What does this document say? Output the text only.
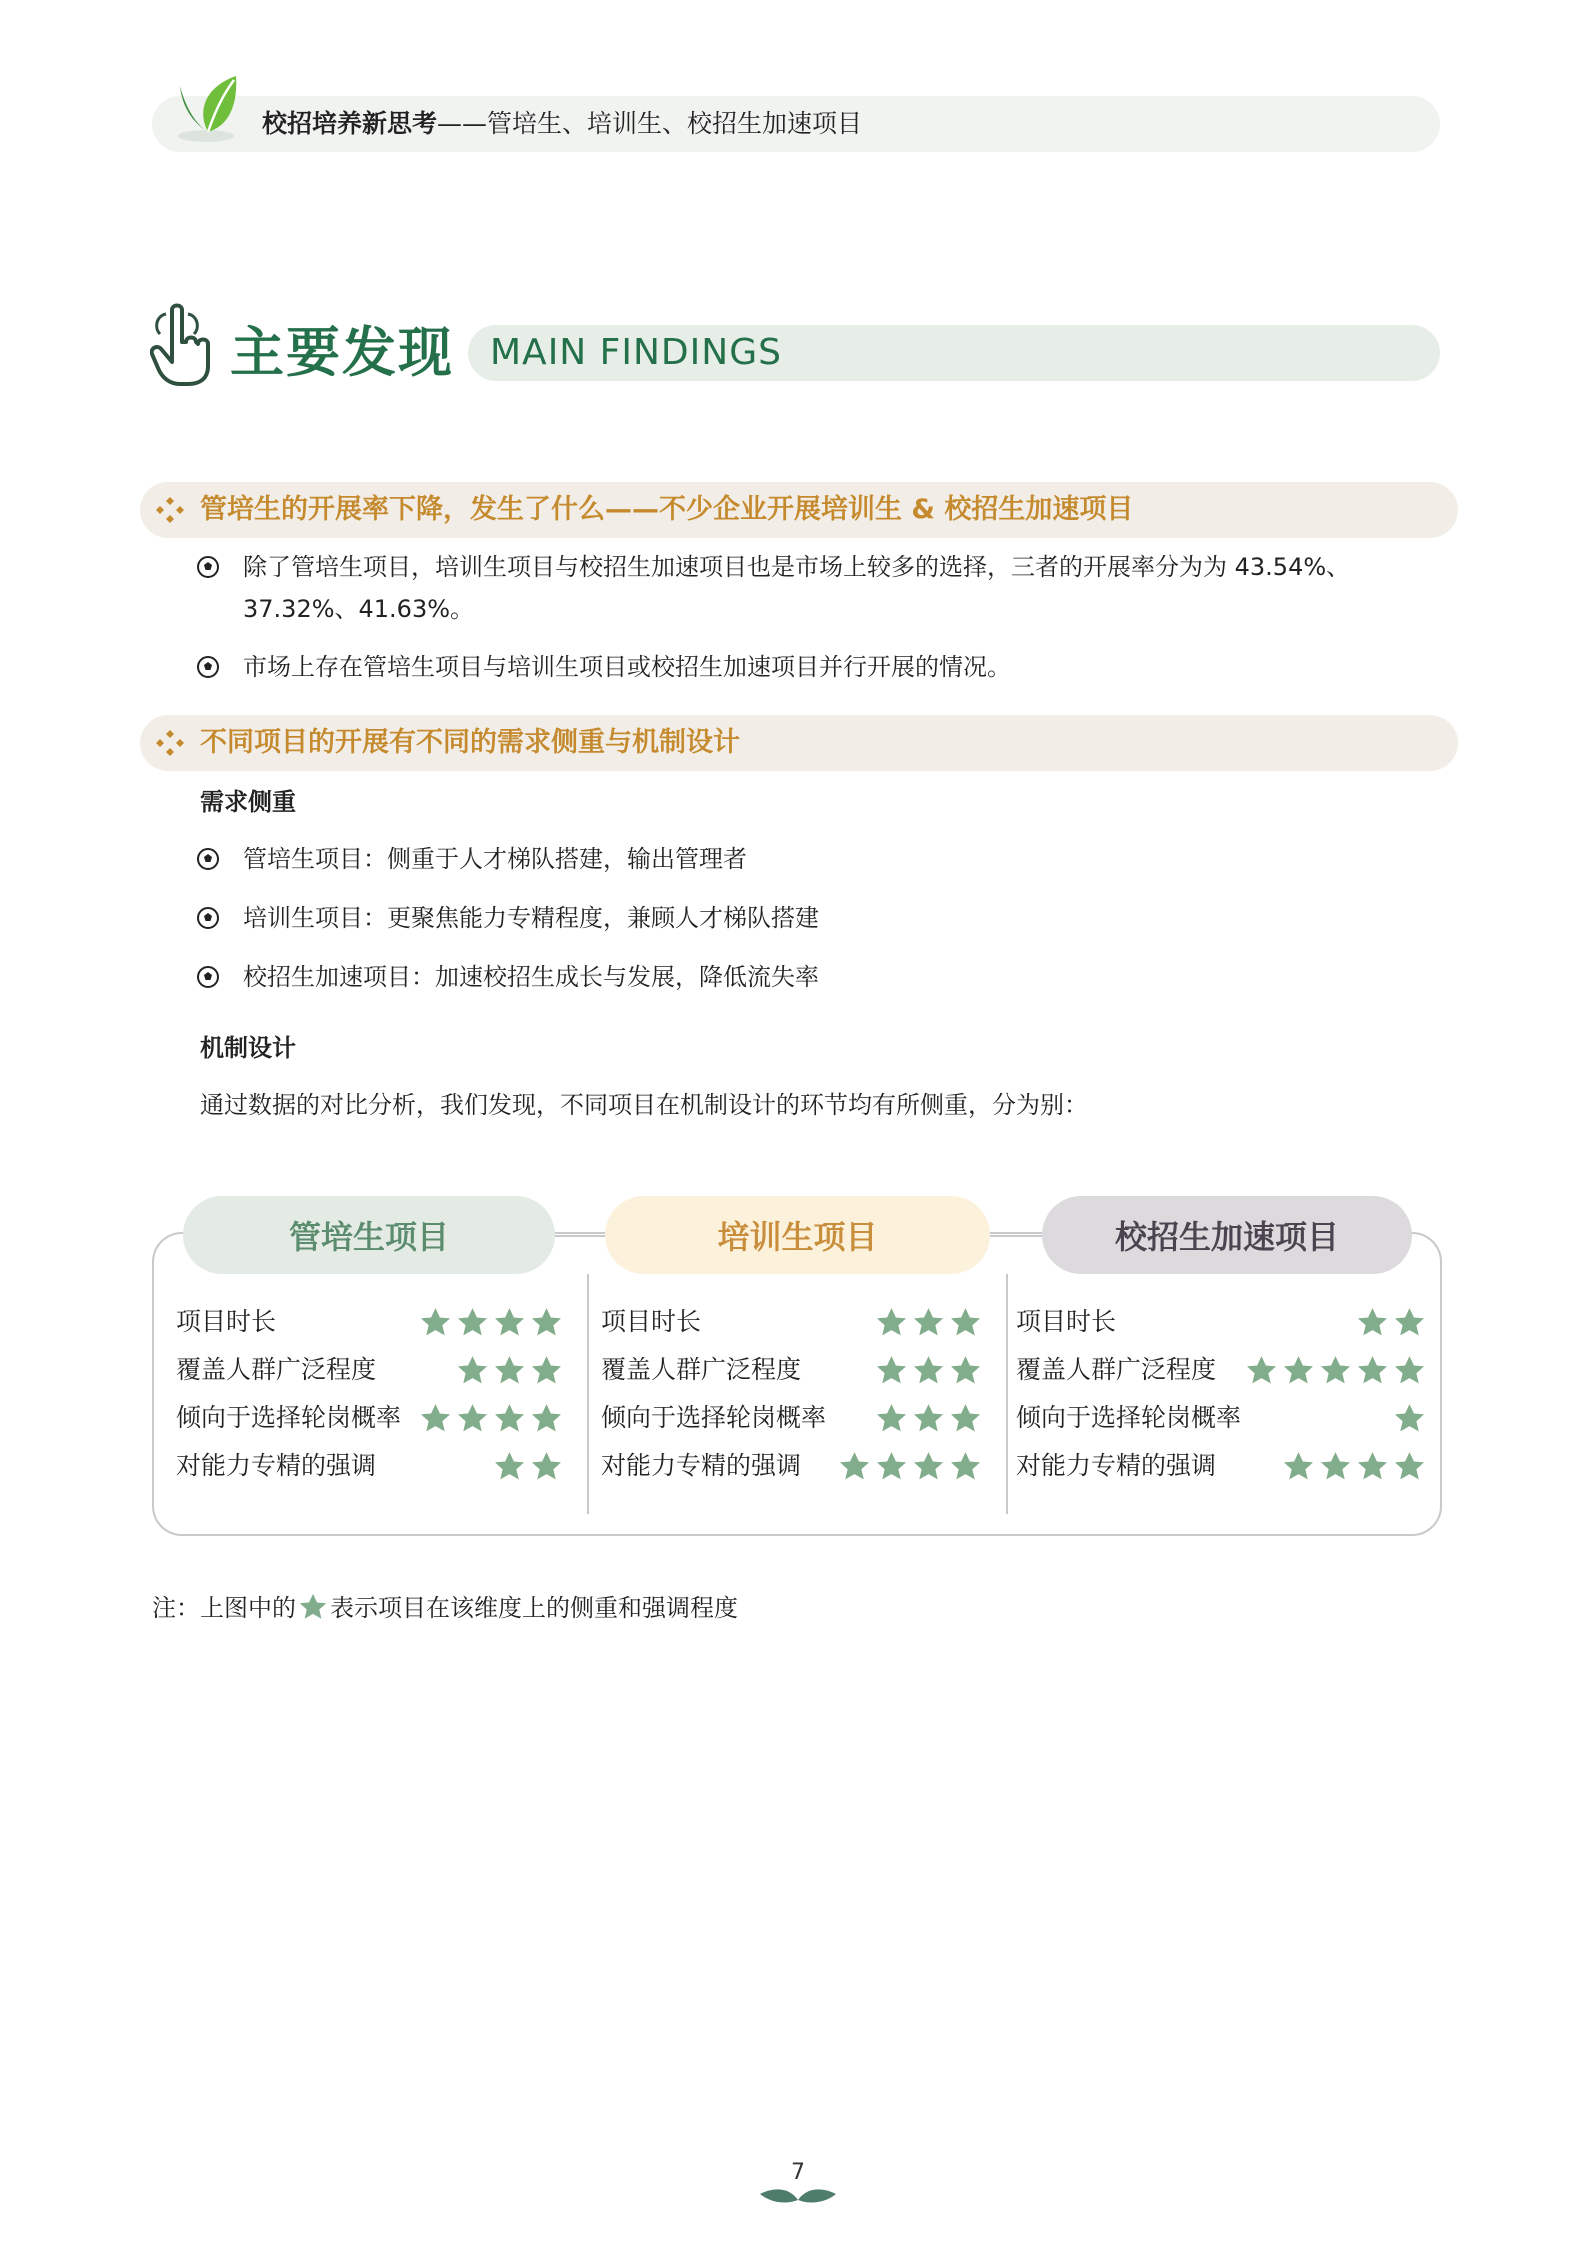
校招培养新思考——管培生、培训生、校招生加速项目
主要发现 MAIN FINDINGS
管培生的开展率下降，发生了什么——不少企业开展培训生 & 校招生加速项目
除了管培生项目，培训生项目与校招生加速项目也是市场上较多的选择，三者的开展率分为为 43.54%、
37.32%、41.63%。
市场上存在管培生项目与培训生项目或校招生加速项目并行开展的情况。
不同项目的开展有不同的需求侧重与机制设计
需求侧重
管培生项目：侧重于人才梯队搭建，输出管理者
培训生项目：更聚焦能力专精程度，兼顾人才梯队搭建
校招生加速项目：加速校招生成长与发展，降低流失率
机制设计
通过数据的对比分析，我们发现，不同项目在机制设计的环节均有所侧重，分为别：
管培生项目	培训生项目	校招生加速项目
项目时长
覆盖人群广泛程度
倾向于选择轮岗概率
对能力专精的强调
项目时长
覆盖人群广泛程度
倾向于选择轮岗概率
对能力专精的强调
项目时长
覆盖人群广泛程度
倾向于选择轮岗概率
对能力专精的强调
注：上图中的 表示项目在该维度上的侧重和强调程度
7
